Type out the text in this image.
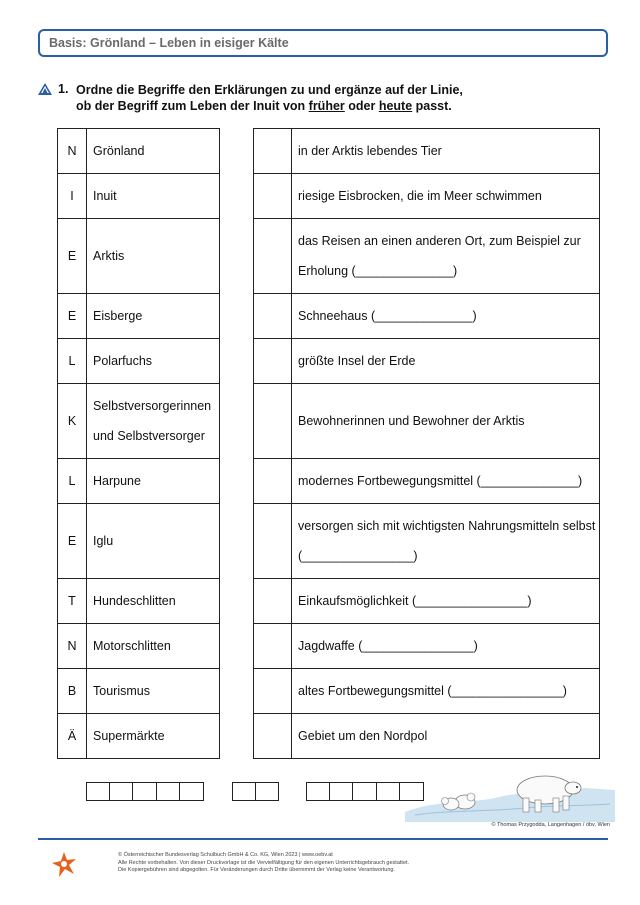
Basis: Grönland – Leben in eisiger Kälte
1. Ordne die Begriffe den Erklärungen zu und ergänze auf der Linie,
ob der Begriff zum Leben der Inuit von früher oder heute passt.
N	Grönland
I	Inuit
E	Arktis
E	Eisberge
L	Polarfuchs
K	Selbstversorgerinnen und Selbstversorger
L	Harpune
E	Iglu
T	Hundeschlitten
N	Motorschlitten
B	Tourismus
Ä	Supermärkte
	in der Arktis lebendes Tier
	riesige Eisbrocken, die im Meer schwimmen
	das Reisen an einen anderen Ort, zum Beispiel zur Erholung (______________)
	Schneehaus (______________)
	größte Insel der Erde
	Bewohnerinnen und Bewohner der Arktis
	modernes Fortbewegungsmittel (______________)
	versorgen sich mit wichtigsten Nahrungsmitteln selbst (________________)
	Einkaufsmöglichkeit (________________)
	Jagdwaffe (________________)
	altes Fortbewegungsmittel (________________)
	Gebiet um den Nordpol
© Thomas Przygodda, Langenhagen / öbv, Wien
© Österreichischer Bundesverlag Schulbuch GmbH & Co. KG, Wien 2023 | www.oebv.at
Alle Rechte vorbehalten. Von dieser Druckvorlage ist die Vervielfältigung für den eigenen Unterrichtsgebrauch gestattet.
Die Kopiergebühren sind abgegolten. Für Veränderungen durch Dritte übernimmt der Verlag keine Verantwortung.
